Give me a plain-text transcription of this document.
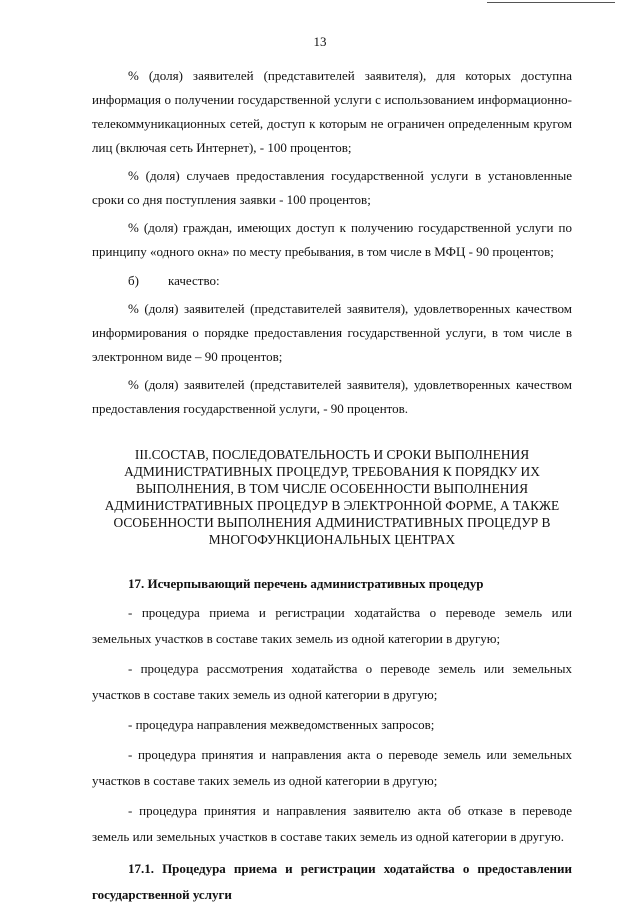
13

% (доля) заявителей (представителей заявителя), для которых доступна информация о получении государственной услуги с использованием информационно-телекоммуникационных сетей, доступ к которым не ограничен определенным кругом лиц (включая сеть Интернет), - 100 процентов;

% (доля) случаев предоставления государственной услуги в установленные сроки со дня поступления заявки - 100 процентов;

% (доля) граждан, имеющих доступ к получению государственной услуги по принципу «одного окна» по месту пребывания, в том числе в МФЦ - 90 процентов;

б) качество:

% (доля) заявителей (представителей заявителя), удовлетворенных качеством информирования о порядке предоставления государственной услуги, в том числе в электронном виде – 90 процентов;

% (доля) заявителей (представителей заявителя), удовлетворенных качеством предоставления государственной услуги, - 90 процентов.

III.СОСТАВ, ПОСЛЕДОВАТЕЛЬНОСТЬ И СРОКИ ВЫПОЛНЕНИЯ АДМИНИСТРАТИВНЫХ ПРОЦЕДУР, ТРЕБОВАНИЯ К ПОРЯДКУ ИХ ВЫПОЛНЕНИЯ, В ТОМ ЧИСЛЕ ОСОБЕННОСТИ ВЫПОЛНЕНИЯ АДМИНИСТРАТИВНЫХ ПРОЦЕДУР В ЭЛЕКТРОННОЙ ФОРМЕ, А ТАКЖЕ ОСОБЕННОСТИ ВЫПОЛНЕНИЯ АДМИНИСТРАТИВНЫХ ПРОЦЕДУР В МНОГОФУНКЦИОНАЛЬНЫХ ЦЕНТРАХ

17. Исчерпывающий перечень административных процедур

- процедура приема и регистрации ходатайства о переводе земель или земельных участков в составе таких земель из одной категории в другую;

- процедура рассмотрения ходатайства о переводе земель или земельных участков в составе таких земель из одной категории в другую;

- процедура направления межведомственных запросов;

- процедура принятия и направления акта о переводе земель или земельных участков в составе таких земель из одной категории в другую;

- процедура принятия и направления заявителю акта об отказе в переводе земель или земельных участков в составе таких земель из одной категории в другую.

17.1. Процедура приема и регистрации ходатайства о предоставлении государственной услуги
